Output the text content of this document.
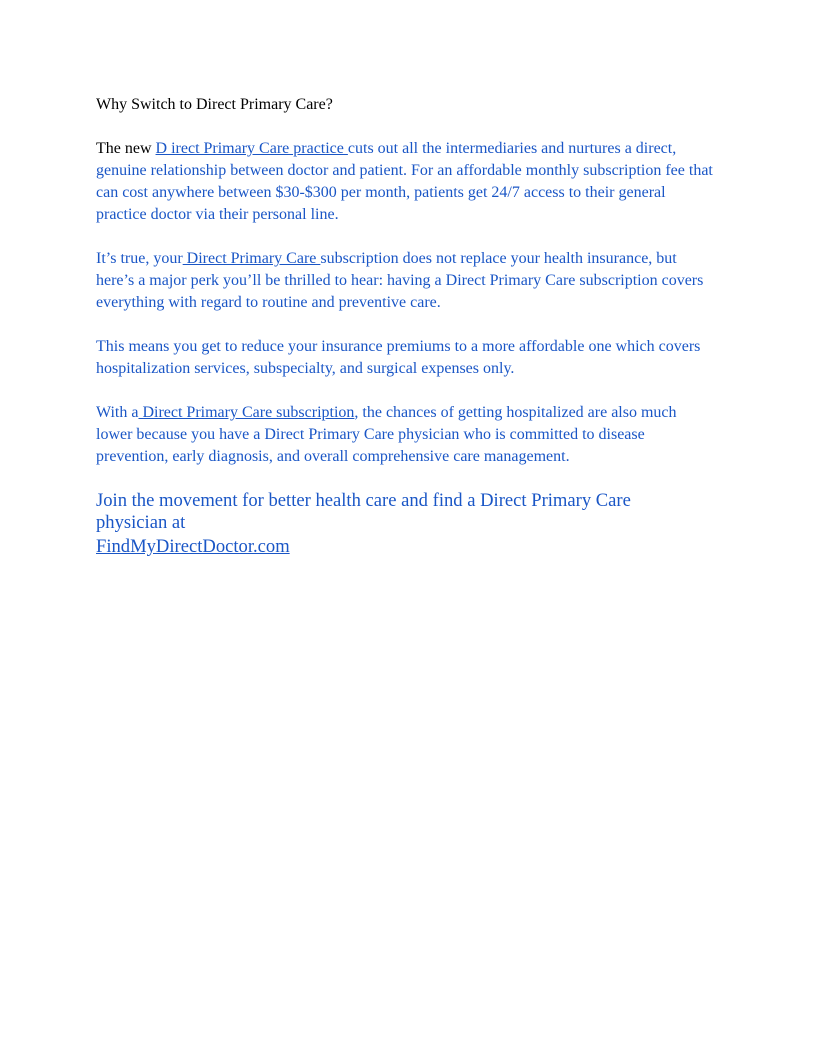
Why Switch to Direct Primary Care?

The new D irect Primary Care practice cuts out all the intermediaries and nurtures a direct, genuine relationship between doctor and patient. For an affordable monthly subscription fee that can cost anywhere between $30-$300 per month, patients get 24/7 access to their general practice doctor via their personal line.

It’s true, your Direct Primary Care subscription does not replace your health insurance, but here’s a major perk you’ll be thrilled to hear: having a Direct Primary Care subscription covers everything with regard to routine and preventive care.

This means you get to reduce your insurance premiums to a more affordable one which covers hospitalization services, subspecialty, and surgical expenses only.

With a Direct Primary Care subscription, the chances of getting hospitalized are also much lower because you have a Direct Primary Care physician who is committed to disease prevention, early diagnosis, and overall comprehensive care management.

Join the movement for better health care and find a Direct Primary Care physician at
FindMyDirectDoctor.com
